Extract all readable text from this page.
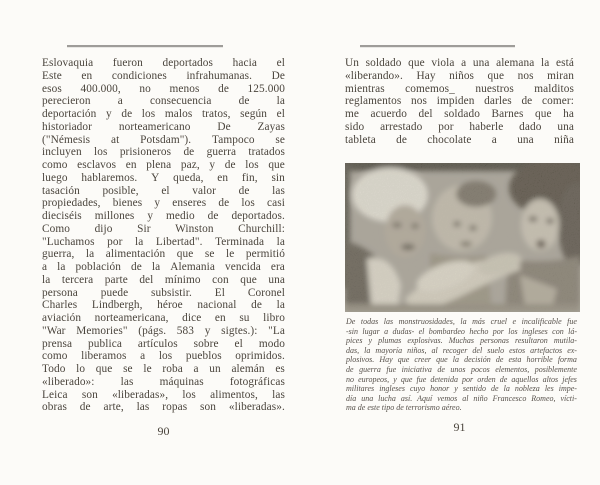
Eslovaquia fueron deportados hacia el
Este en condiciones infrahumanas. De
esos 400.000, no menos de 125.000
perecieron a consecuencia de la
deportación y de los malos tratos, según el
historiador norteamericano De Zayas
("Némesis at Potsdam"). Tampoco se
incluyen los prisioneros de guerra tratados
como esclavos en plena paz, y de los que
luego hablaremos. Y queda, en fin, sin
tasación posible, el valor de las
propiedades, bienes y enseres de los casi
dieciséis millones y medio de deportados.
Como dijo Sir Winston Churchill:
"Luchamos por la Libertad". Terminada la
guerra, la alimentación que se le permitió
a la población de la Alemania vencida era
la tercera parte del mínimo con que una
persona puede subsistir. El Coronel
Charles Lindbergh, héroe nacional de la
aviación norteamericana, dice en su libro
"War Memories" (págs. 583 y sigtes.): "La
prensa publica artículos sobre el modo
como liberamos a los pueblos oprimidos.
Todo lo que se le roba a un alemán es
«liberado»: las máquinas fotográficas
Leica son «liberadas», los alimentos, las
obras de arte, las ropas son «liberadas».
90
Un soldado que viola a una alemana la está
«liberando». Hay niños que nos miran
mientras comemos_ nuestros malditos
reglamentos nos impiden darles de comer:
me acuerdo del soldado Barnes que ha
sido arrestado por haberle dado una
tableta de chocolate a una niña
De todas las monstruosidades, la más cruel e incalificable fue
-sin lugar a dudas- el bombardeo hecho por los ingleses con lá-
pices y plumas explosivas. Muchas personas resultaron mutila-
das, la mayoría niños, al recoger del suelo estos artefactos ex-
plosivos. Hay que creer que la decisión de esta horrible forma
de guerra fue iniciativa de unos pocos elementos, posiblemente
no europeos, y que fue detenida por orden de aquellos altos jefes
militares ingleses cuyo honor y sentido de la nobleza les impe-
día una lucha así. Aquí vemos al niño Francesco Romeo, vícti-
ma de este tipo de terrorismo aéreo.
91
